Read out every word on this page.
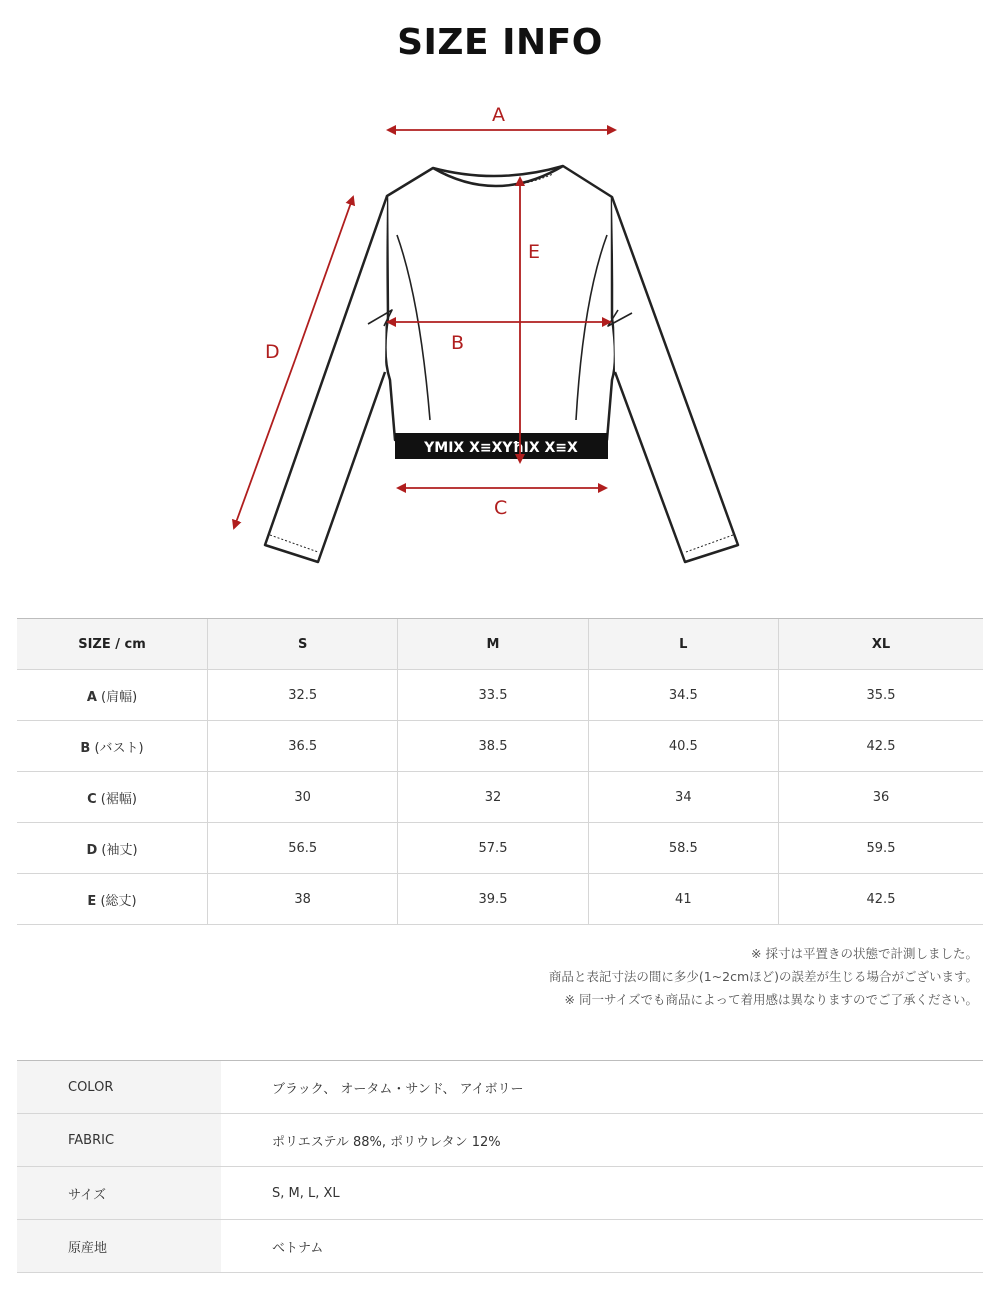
SIZE INFO
YMIX X≡XYħIX X≡X
A
B
C
D
E
SIZE / cm	S	M	L	XL
A (肩幅)	32.5	33.5	34.5	35.5
B (バスト)	36.5	38.5	40.5	42.5
C (裾幅)	30	32	34	36
D (袖丈)	56.5	57.5	58.5	59.5
E (総丈)	38	39.5	41	42.5
※ 採寸は平置きの状態で計測しました。
商品と表記寸法の間に多少(1~2cmほど)の誤差が生じる場合がございます。
※ 同一サイズでも商品によって着用感は異なりますのでご了承ください。
COLOR	ブラック、 オータム・サンド、 アイボリー
FABRIC	ポリエステル 88%, ポリウレタン 12%
サイズ	S, M, L, XL
原産地	ベトナム
